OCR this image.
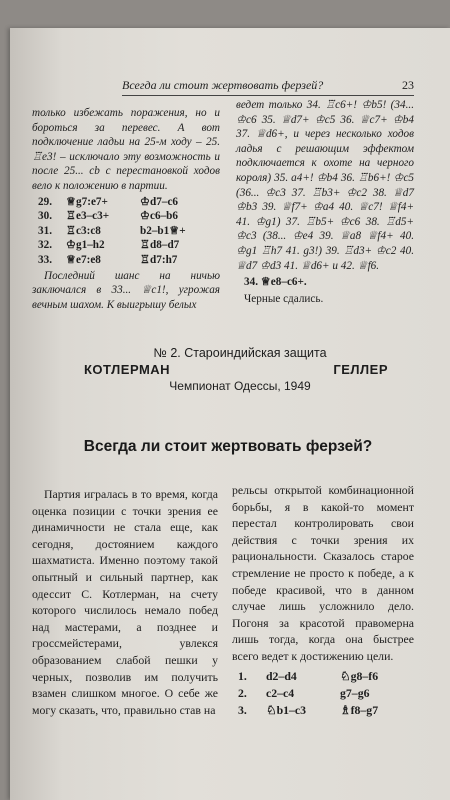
Всегда ли стоит жертвовать ферзей?	23

только избежать поражения, но и бороться за перевес. А вот подключение ладьи на 25-м ходу – 25. ♖e3! – исключало эту возможность и после 25... cb с перестановкой ходов вело к положению в партии.

29.	♕g7:e7+	♔d7–c6
30.	♖e3–c3+	♔c6–b6
31.	♖c3:c8	b2–b1♕+
32.	♔g1–h2	♖d8–d7
33.	♕e7:e8	♖d7:h7

Последний шанс на ничью заключался в 33... ♕c1!, угрожая вечным шахом. К выигрышу белых

ведет только 34. ♖c6+! ♔b5! (34... ♔c6 35. ♕d7+ ♔c5 36. ♕c7+ ♔b4 37. ♕d6+, и через несколько ходов ладья с решающим эффектом подключается к охоте на черного короля) 35. a4+! ♔b4 36. ♖b6+! ♔c5 (36... ♔c3 37. ♖b3+ ♔c2 38. ♕d7 ♔b3 39. ♕f7+ ♔a4 40. ♕c7! ♕f4+ 41. ♔g1) 37. ♖b5+ ♔c6 38. ♖d5+ ♔c3 (38... ♔e4 39. ♕a8 ♕f4+ 40. ♔g1 ♖h7 41. g3!) 39. ♖d3+ ♔c2 40. ♕d7 ♔d3 41. ♕d6+ и 42. ♕f6.

34. ♕e8–c6+.

Черные сдались.

№ 2. Староиндийская защита
КОТЛЕРМАН	ГЕЛЛЕР
Чемпионат Одессы, 1949
Всегда ли стоит жертвовать ферзей?

Партия игралась в то время, когда оценка позиции с точки зрения ее динамичности не стала еще, как сегодня, достоянием каждого шахматиста. Именно поэтому такой опытный и сильный партнер, как одессит С. Котлерман, на счету которого числилось немало побед над мастерами, а позднее и гроссмейстерами, увлекся образованием слабой пешки у черных, позволив им получить взамен слишком многое. О себе же могу сказать, что, правильно став на

рельсы открытой комбинационной борьбы, я в какой-то момент перестал контролировать свои действия с точки зрения их рациональности. Сказалось старое стремление не просто к победе, а к победе красивой, что в данном случае лишь усложнило дело. Погоня за красотой правомерна лишь тогда, когда она быстрее всего ведет к достижению цели.

1.	d2–d4	♘g8–f6
2.	c2–c4	g7–g6
3.	♘b1–c3	♗f8–g7
